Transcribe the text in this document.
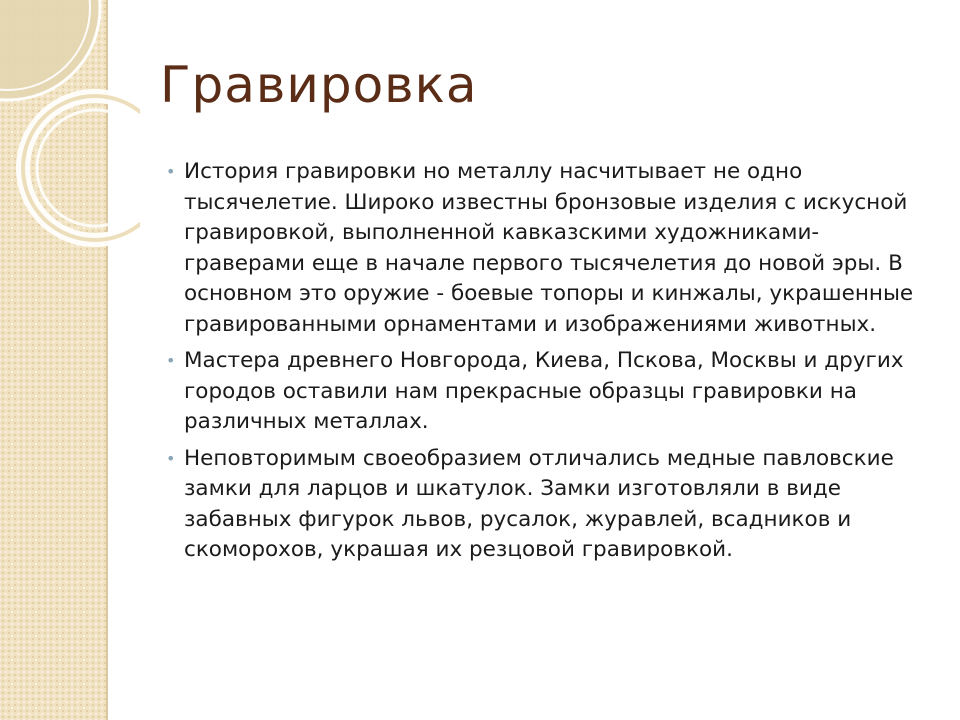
Гравировка
• История гравировки но металлу насчитывает не одно тысячелетие. Широко известны бронзовые изделия с искусной гравировкой, выполненной кавказскими художниками-граверами еще в начале первого тысячелетия до новой эры. В основном это оружие - боевые топоры и кинжалы, украшенные гравированными орнаментами и изображениями животных.
• Мастера древнего Новгорода, Киева, Пскова, Москвы и других городов оставили нам прекрасные образцы гравировки на различных металлах.
• Неповторимым своеобразием отличались медные павловские замки для ларцов и шкатулок. Замки изготовляли в виде забавных фигурок львов, русалок, журавлей, всадников и скоморохов, украшая их резцовой гравировкой.
